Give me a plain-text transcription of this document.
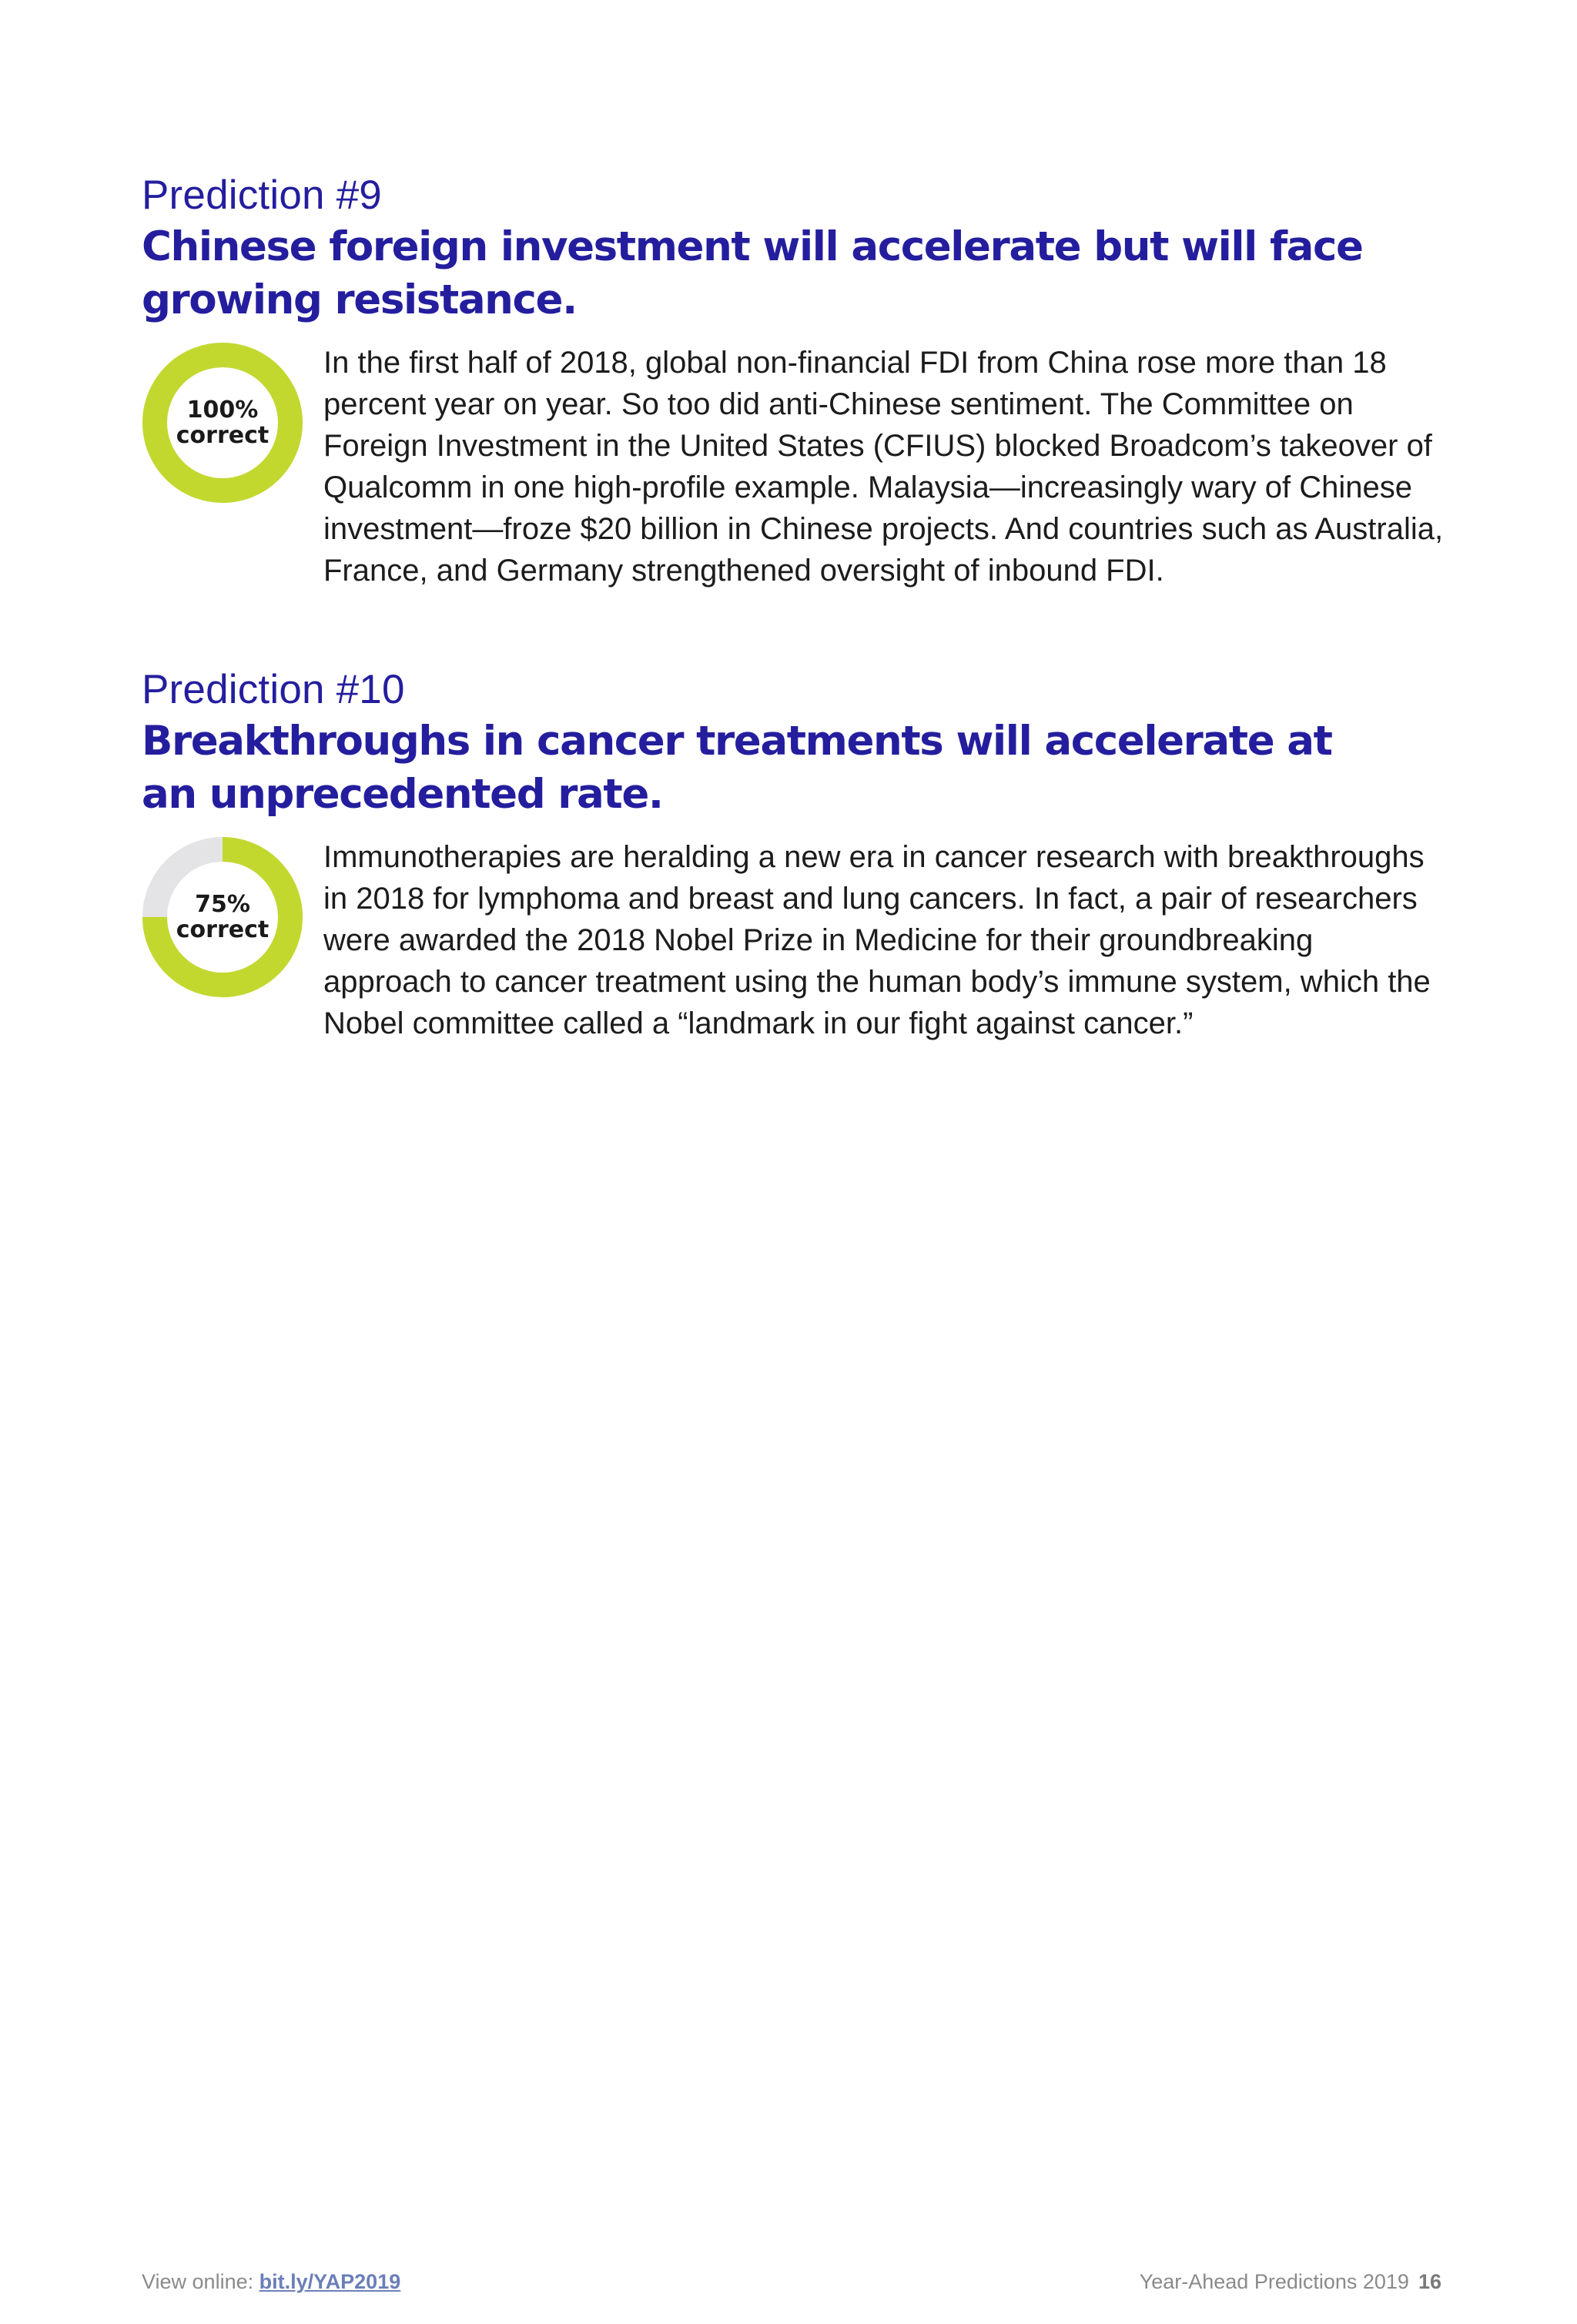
Prediction #9
Chinese foreign investment will accelerate but will face growing resistance.
100%
correct

In the first half of 2018, global non-financial FDI from China rose more than 18 percent year on year. So too did anti-Chinese sentiment. The Committee on Foreign Investment in the United States (CFIUS) blocked Broadcom’s takeover of Qualcomm in one high-profile example. Malaysia—increasingly wary of Chinese investment—froze $20 billion in Chinese projects. And countries such as Australia, France, and Germany strengthened oversight of inbound FDI.

Prediction #10
Breakthroughs in cancer treatments will accelerate at an unprecedented rate.
75%
correct

Immunotherapies are heralding a new era in cancer research with breakthroughs in 2018 for lymphoma and breast and lung cancers. In fact, a pair of researchers were awarded the 2018 Nobel Prize in Medicine for their groundbreaking approach to cancer treatment using the human body’s immune system, which the Nobel committee called a “landmark in our fight against cancer.”

View online: bit.ly/YAP2019	Year-Ahead Predictions 2019 16
